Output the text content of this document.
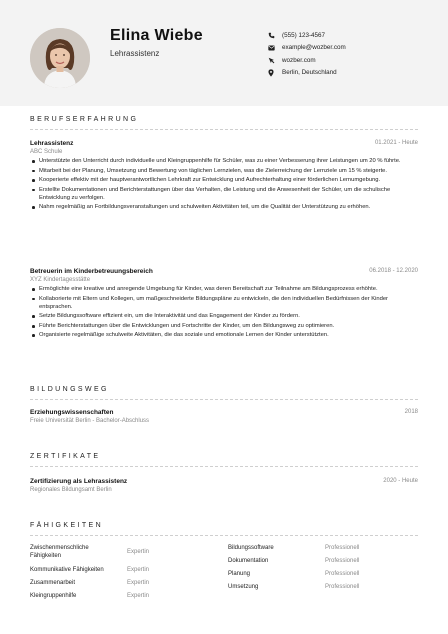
Elina Wiebe
Lehrassistenz
(555) 123-4567
example@wozber.com
wozber.com
Berlin, Deutschland
BERUFSERFAHRUNG
Lehrassistenz	01.2021 - Heute
ABC Schule
Unterstützte den Unterricht durch individuelle und Kleingruppenhilfe für Schüler, was zu einer Verbesserung ihrer Leistungen um 20 % führte.
Mitarbeit bei der Planung, Umsetzung und Bewertung von täglichen Lernzielen, was die Zielerreichung der Lernziele um 15 % steigerte.
Kooperierte effektiv mit der hauptverantwortlichen Lehrkraft zur Entwicklung und Aufrechterhaltung einer förderlichen Lernumgebung.
Erstellte Dokumentationen und Berichterstattungen über das Verhalten, die Leistung und die Anwesenheit der Schüler, um die schulische Entwicklung zu verfolgen.
Nahm regelmäßig an Fortbildungsveranstaltungen und schulweiten Aktivitäten teil, um die Qualität der Unterstützung zu erhöhen.
Betreuerin im Kinderbetreuungsbereich	06.2018 - 12.2020
XYZ Kindertagesstätte
Ermöglichte eine kreative und anregende Umgebung für Kinder, was deren Bereitschaft zur Teilnahme am Bildungsprozess erhöhte.
Kollaborierte mit Eltern und Kollegen, um maßgeschneiderte Bildungspläne zu entwickeln, die den individuellen Bedürfnissen der Kinder entsprachen.
Setzte Bildungssoftware effizient ein, um die Interaktivität und das Engagement der Kinder zu fördern.
Führte Berichterstattungen über die Entwicklungen und Fortschritte der Kinder, um den Bildungsweg zu optimieren.
Organisierte regelmäßige schulweite Aktivitäten, die das soziale und emotionale Lernen der Kinder unterstützten.
BILDUNGSWEG
Erziehungswissenschaften	2018
Freie Universität Berlin - Bachelor-Abschluss
ZERTIFIKATE
Zertifizierung als Lehrassistenz	2020 - Heute
Regionales Bildungsamt Berlin
FÄHIGKEITEN
Zwischenmenschliche Fähigkeiten
Expertin
Kommunikative Fähigkeiten	Expertin
Zusammenarbeit	Expertin
Kleingruppenhilfe	Expertin
Bildungssoftware	Professionell
Dokumentation	Professionell
Planung	Professionell
Umsetzung	Professionell
